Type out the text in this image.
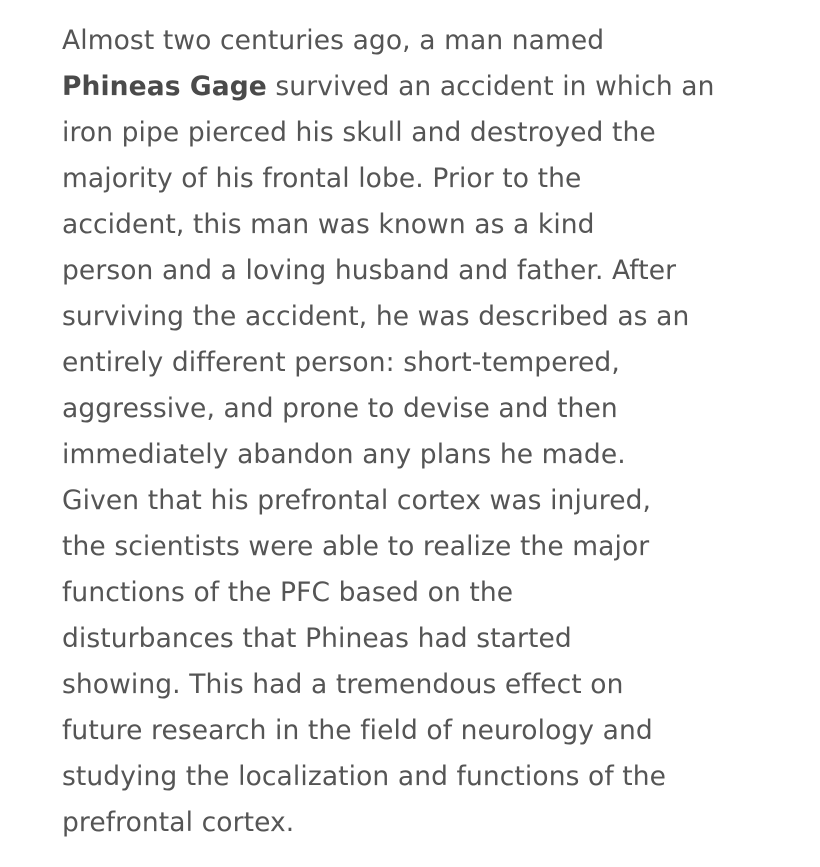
Almost two centuries ago, a man named
Phineas Gage survived an accident in which an
iron pipe pierced his skull and destroyed the
majority of his frontal lobe. Prior to the
accident, this man was known as a kind
person and a loving husband and father. After
surviving the accident, he was described as an
entirely different person: short-tempered,
aggressive, and prone to devise and then
immediately abandon any plans he made.
Given that his prefrontal cortex was injured,
the scientists were able to realize the major
functions of the PFC based on the
disturbances that Phineas had started
showing. This had a tremendous effect on
future research in the field of neurology and
studying the localization and functions of the
prefrontal cortex.
